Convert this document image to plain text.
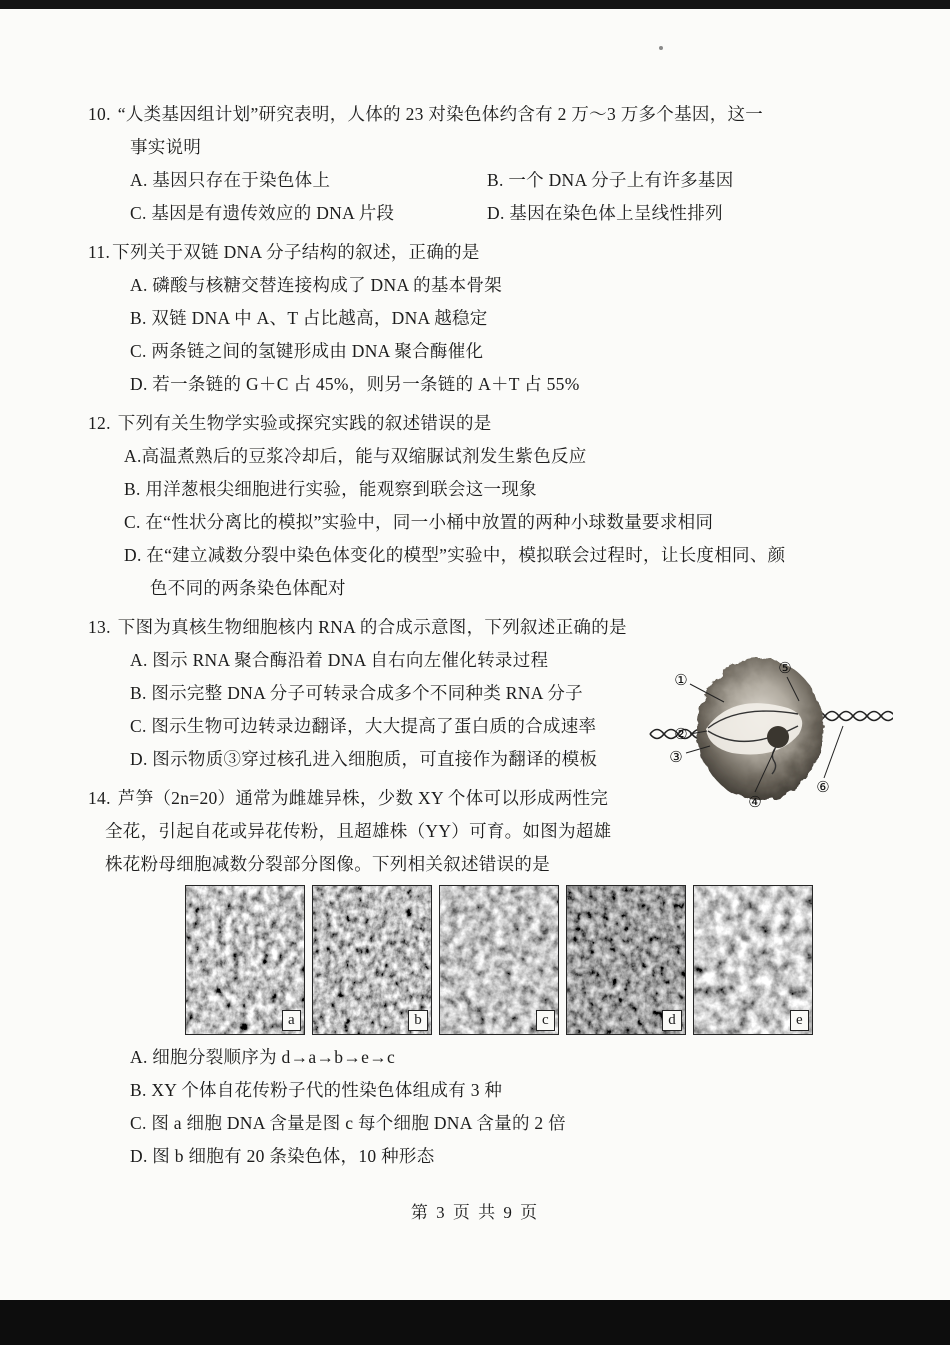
10. “人类基因组计划”研究表明，人体的 23 对染色体约含有 2 万～3 万多个基因，这一

事实说明

A. 基因只存在于染色体上	B. 一个 DNA 分子上有许多基因

C. 基因是有遗传效应的 DNA 片段	D. 基因在染色体上呈线性排列

11. 下列关于双链 DNA 分子结构的叙述，正确的是

A. 磷酸与核糖交替连接构成了 DNA 的基本骨架

B. 双链 DNA 中 A、T 占比越高，DNA 越稳定

C. 两条链之间的氢键形成由 DNA 聚合酶催化

D. 若一条链的 G＋C 占 45%，则另一条链的 A＋T 占 55%

12. 下列有关生物学实验或探究实践的叙述错误的是

A.高温煮熟后的豆浆冷却后，能与双缩脲试剂发生紫色反应

B. 用洋葱根尖细胞进行实验，能观察到联会这一现象

C. 在“性状分离比的模拟”实验中，同一小桶中放置的两种小球数量要求相同

D. 在“建立减数分裂中染色体变化的模型”实验中，模拟联会过程时，让长度相同、颜

色不同的两条染色体配对

13. 下图为真核生物细胞核内 RNA 的合成示意图，下列叙述正确的是

A. 图示 RNA 聚合酶沿着 DNA 自右向左催化转录过程

B. 图示完整 DNA 分子可转录合成多个不同种类 RNA 分子

C. 图示生物可边转录边翻译，大大提高了蛋白质的合成速率

D. 图示物质③穿过核孔进入细胞质，可直接作为翻译的模板

14. 芦笋（2n=20）通常为雌雄异株，少数 XY 个体可以形成两性完

全花，引起自花或异花传粉，且超雄株（YY）可育。如图为超雄

株花粉母细胞减数分裂部分图像。下列相关叙述错误的是

a	b	c	d	e

A. 细胞分裂顺序为 d→a→b→e→c

B. XY 个体自花传粉子代的性染色体组成有 3 种

C. 图 a 细胞 DNA 含量是图 c 每个细胞 DNA 含量的 2 倍

D. 图 b 细胞有 20 条染色体，10 种形态

①
②
③
④
⑤
⑥
第 3 页 共 9 页
